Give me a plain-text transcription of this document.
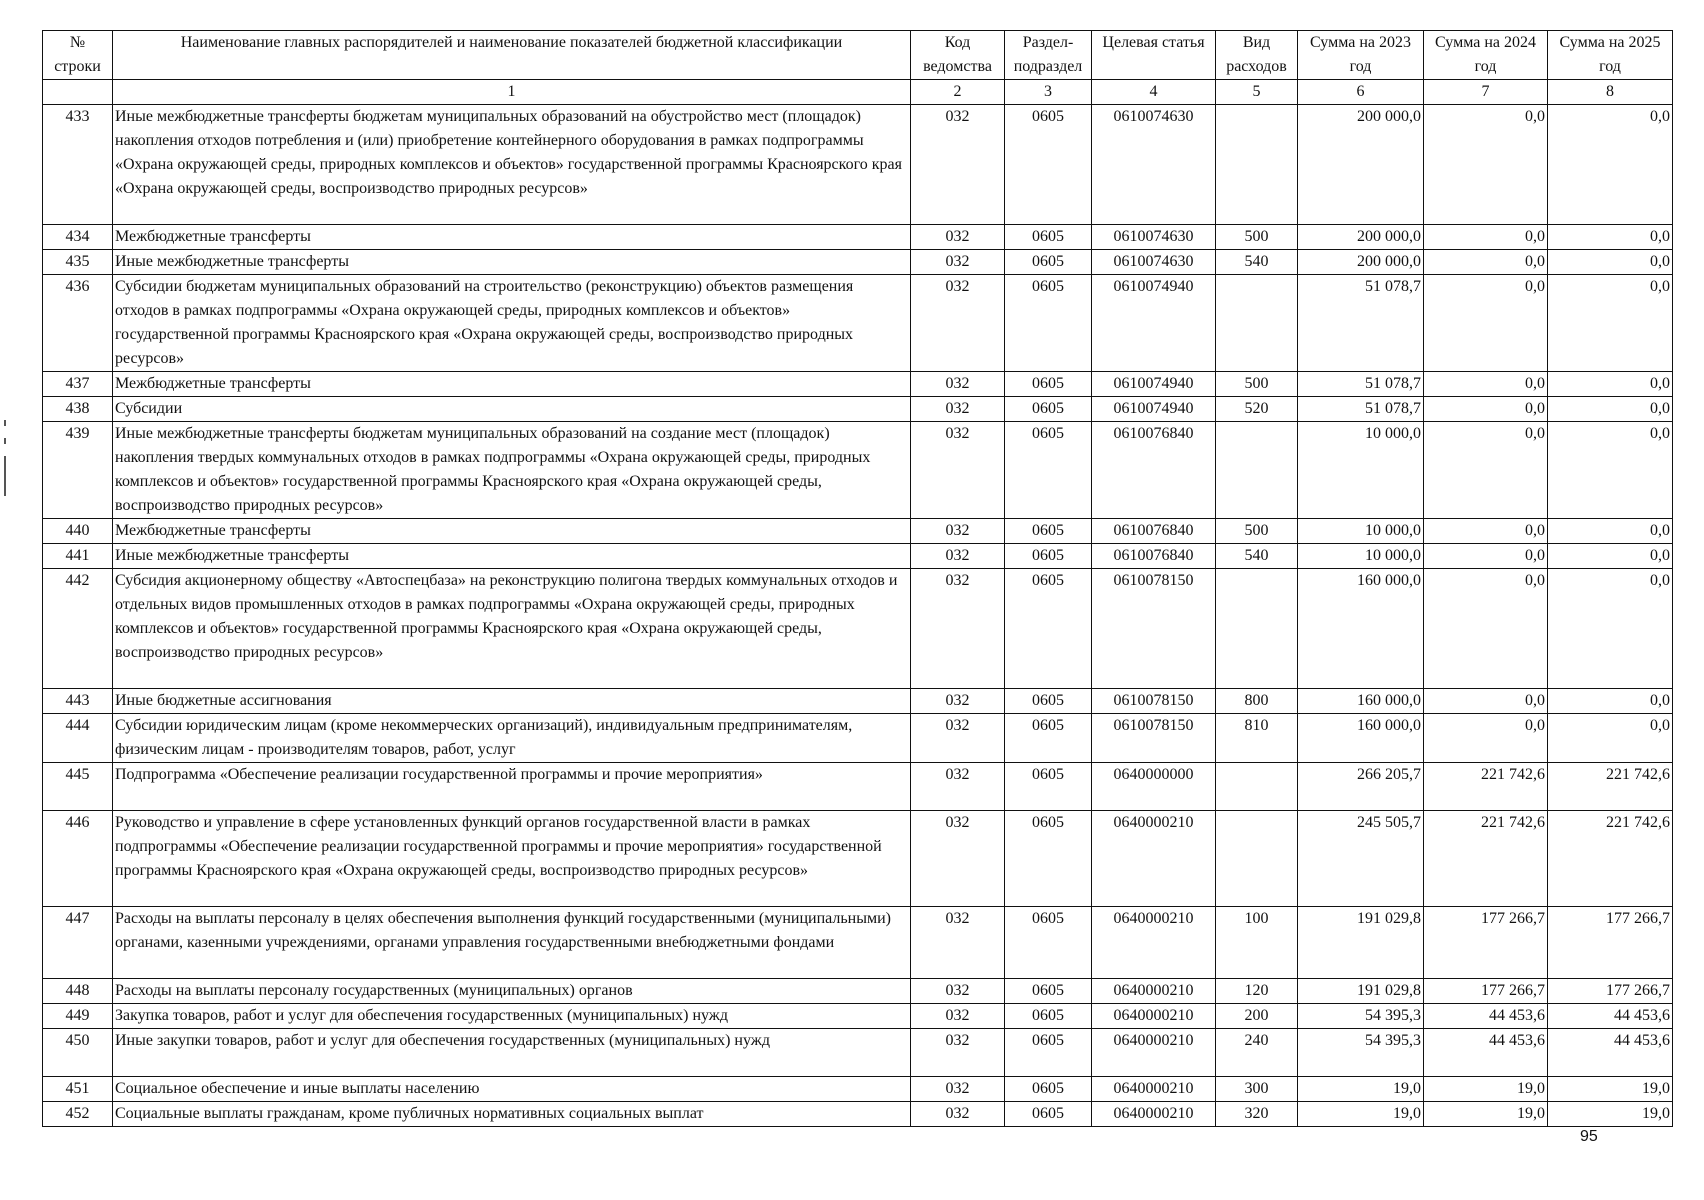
№ строки	Наименование главных распорядителей и наименование показателей бюджетной классификации	Код ведомства	Раздел-подраздел	Целевая статья	Вид расходов	Сумма на 2023 год	Сумма на 2024 год	Сумма на 2025 год
	1	2	3	4	5	6	7	8
433	Иные межбюджетные трансферты бюджетам муниципальных образований на обустройство мест (площадок) накопления отходов потребления и (или) приобретение контейнерного оборудования в рамках подпрограммы «Охрана окружающей среды, природных комплексов и объектов» государственной программы Красноярского края «Охрана окружающей среды, воспроизводство природных ресурсов»	032	0605	0610074630		200 000,0	0,0	0,0
434	Межбюджетные трансферты	032	0605	0610074630	500	200 000,0	0,0	0,0
435	Иные межбюджетные трансферты	032	0605	0610074630	540	200 000,0	0,0	0,0
436	Субсидии бюджетам муниципальных образований на строительство (реконструкцию) объектов размещения отходов в рамках подпрограммы «Охрана окружающей среды, природных комплексов и объектов» государственной программы Красноярского края «Охрана окружающей среды, воспроизводство природных ресурсов»	032	0605	0610074940		51 078,7	0,0	0,0
437	Межбюджетные трансферты	032	0605	0610074940	500	51 078,7	0,0	0,0
438	Субсидии	032	0605	0610074940	520	51 078,7	0,0	0,0
439	Иные межбюджетные трансферты бюджетам муниципальных образований на создание мест (площадок) накопления твердых коммунальных отходов в рамках подпрограммы «Охрана окружающей среды, природных комплексов и объектов» государственной программы Красноярского края «Охрана окружающей среды, воспроизводство природных ресурсов»	032	0605	0610076840		10 000,0	0,0	0,0
440	Межбюджетные трансферты	032	0605	0610076840	500	10 000,0	0,0	0,0
441	Иные межбюджетные трансферты	032	0605	0610076840	540	10 000,0	0,0	0,0
442	Субсидия акционерному обществу «Автоспецбаза» на реконструкцию полигона твердых коммунальных отходов и отдельных видов промышленных отходов в рамках подпрограммы «Охрана окружающей среды, природных комплексов и объектов» государственной программы Красноярского края «Охрана окружающей среды, воспроизводство природных ресурсов»	032	0605	0610078150		160 000,0	0,0	0,0
443	Иные бюджетные ассигнования	032	0605	0610078150	800	160 000,0	0,0	0,0
444	Субсидии юридическим лицам (кроме некоммерческих организаций), индивидуальным предпринимателям, физическим лицам - производителям товаров, работ, услуг	032	0605	0610078150	810	160 000,0	0,0	0,0
445	Подпрограмма «Обеспечение реализации государственной программы и прочие мероприятия»	032	0605	0640000000		266 205,7	221 742,6	221 742,6
446	Руководство и управление в сфере установленных функций органов государственной власти в рамках подпрограммы «Обеспечение реализации государственной программы и прочие мероприятия» государственной программы Красноярского края «Охрана окружающей среды, воспроизводство природных ресурсов»	032	0605	0640000210		245 505,7	221 742,6	221 742,6
447	Расходы на выплаты персоналу в целях обеспечения выполнения функций государственными (муниципальными) органами, казенными учреждениями, органами управления государственными внебюджетными фондами	032	0605	0640000210	100	191 029,8	177 266,7	177 266,7
448	Расходы на выплаты персоналу государственных (муниципальных) органов	032	0605	0640000210	120	191 029,8	177 266,7	177 266,7
449	Закупка товаров, работ и услуг для обеспечения государственных (муниципальных) нужд	032	0605	0640000210	200	54 395,3	44 453,6	44 453,6
450	Иные закупки товаров, работ и услуг для обеспечения государственных (муниципальных) нужд	032	0605	0640000210	240	54 395,3	44 453,6	44 453,6
451	Социальное обеспечение и иные выплаты населению	032	0605	0640000210	300	19,0	19,0	19,0
452	Социальные выплаты гражданам, кроме публичных нормативных социальных выплат	032	0605	0640000210	320	19,0	19,0	19,0
95
